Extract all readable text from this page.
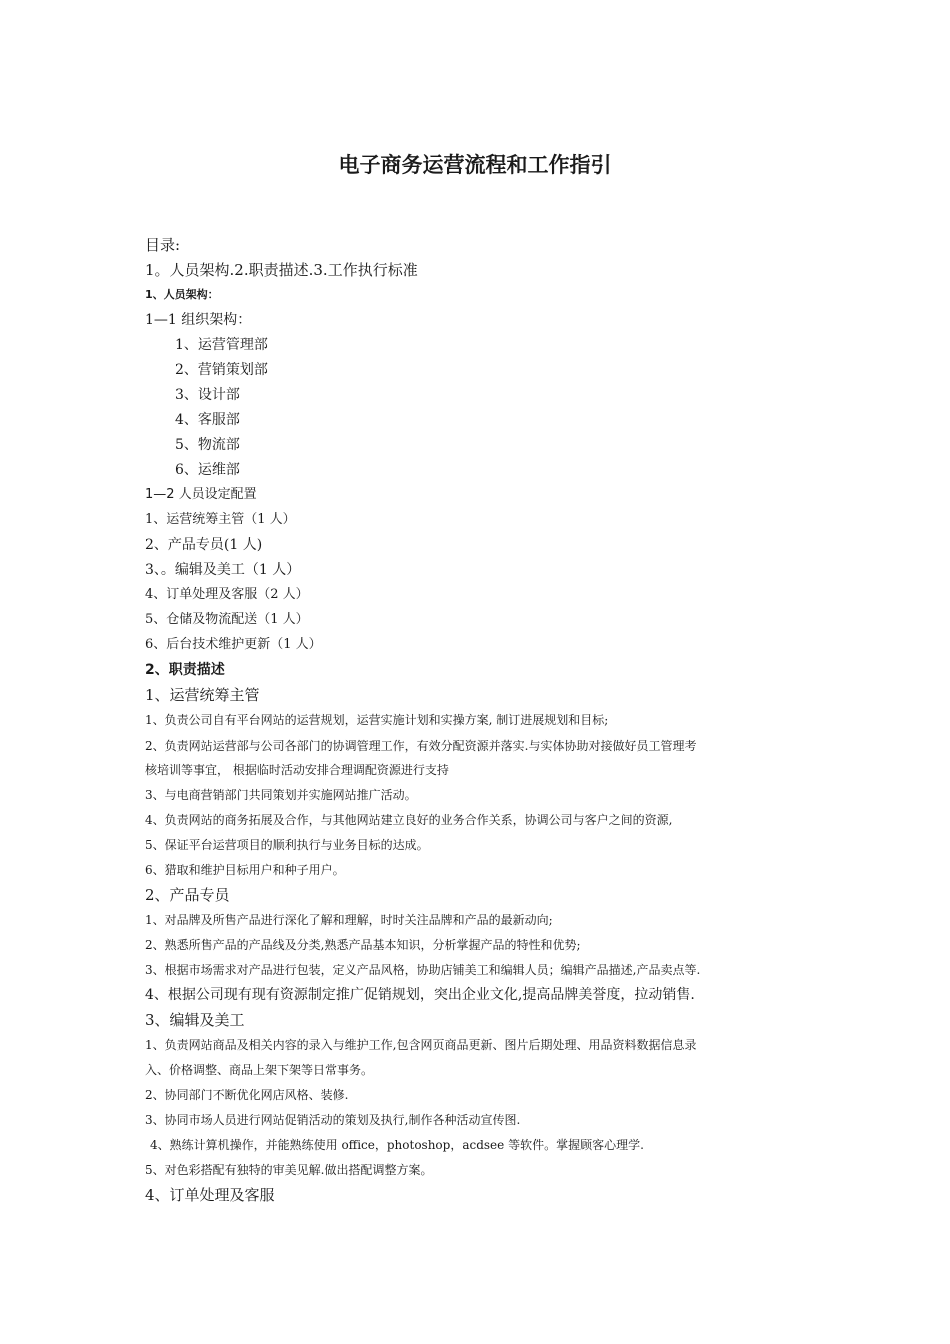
电子商务运营流程和工作指引
目录:
1。人员架构.2.职责描述.3.工作执行标准
1、人员架构：
1—1 组织架构：
1、运营管理部
2、营销策划部
3、设计部
4、客服部
5、物流部
6、运维部
1—2 人员设定配置
1、运营统筹主管（1 人）
2、产品专员(1 人)
3、。编辑及美工（1 人）
4、订单处理及客服（2 人）
5、仓储及物流配送（1 人）
6、后台技术维护更新（1 人）
2、职责描述
1、运营统筹主管
1、负责公司自有平台网站的运营规划，运营实施计划和实操方案, 制订进展规划和目标;
2、负责网站运营部与公司各部门的协调管理工作，有效分配资源并落实.与实体协助对接做好员工管理考
核培训等事宜， 根据临时活动安排合理调配资源进行支持
3、与电商营销部门共同策划并实施网站推广活动。
4、负责网站的商务拓展及合作，与其他网站建立良好的业务合作关系，协调公司与客户之间的资源,
5、保证平台运营项目的顺利执行与业务目标的达成。
6、猎取和维护目标用户和种子用户。
2、产品专员
1、对品牌及所售产品进行深化了解和理解，时时关注品牌和产品的最新动向;
2、熟悉所售产品的产品线及分类,熟悉产品基本知识，分析掌握产品的特性和优势;
3、根据市场需求对产品进行包装，定义产品风格，协助店铺美工和编辑人员；编辑产品描述,产品卖点等.
4、根据公司现有现有资源制定推广促销规划，突出企业文化,提高品牌美誉度，拉动销售.
3、编辑及美工
1、负责网站商品及相关内容的录入与维护工作,包含网页商品更新、图片后期处理、用品资料数据信息录
入、价格调整、商品上架下架等日常事务。
2、协同部门不断优化网店风格、装修.
3、协同市场人员进行网站促销活动的策划及执行,制作各种活动宣传图.
4、熟练计算机操作，并能熟练使用 office，photoshop，acdsee 等软件。掌握顾客心理学.
5、对色彩搭配有独特的审美见解.做出搭配调整方案。
4、订单处理及客服
